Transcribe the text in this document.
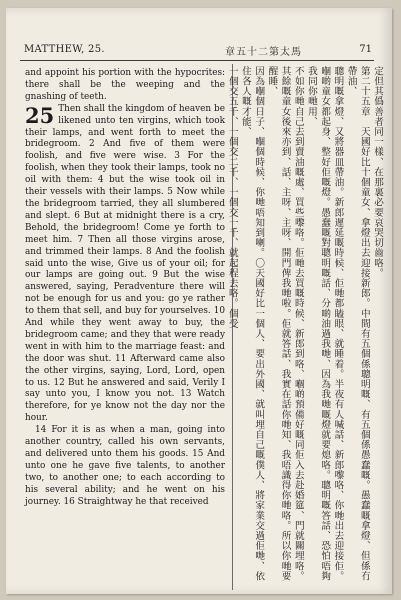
MATTHEW, 25.	章五十二第太馬	71

and appoint his portion with the hypocrites: there shall be the weeping and the gnashing of teeth.

25 Then shall the kingdom of heaven be likened unto ten virgins, which took their lamps, and went forth to meet the bridegroom. 2 And five of them were foolish, and five were wise. 3 For the foolish, when they took their lamps, took no oil with them: 4 but the wise took oil in their vessels with their lamps. 5 Now while the bridegroom tarried, they all slumbered and slept. 6 But at midnight there is a cry, Behold, the bridegroom! Come ye forth to meet him. 7 Then all those virgins arose, and trimmed their lamps. 8 And the foolish said unto the wise, Give us of your oil; for our lamps are going out. 9 But the wise answered, saying, Peradventure there will not be enough for us and you: go ye rather to them that sell, and buy for yourselves. 10 And while they went away to buy, the bridegroom came; and they that were ready went in with him to the marriage feast: and the door was shut. 11 Afterward came also the other virgins, saying, Lord, Lord, open to us. 12 But he answered and said, Verily I say unto you, I know you not. 13 Watch therefore, for ye know not the day nor the hour.

14 For it is as when a man, going into another country, called his own servants, and delivered unto them his goods. 15 And unto one he gave five talents, to another two, to another one; to each according to his several ability; and he went on his journey. 16 Straightway he that received

定但其僞善者同一樣、在那裏必要哀哭切齒咯。

第二十五章　天國好比十個童女、拿燈出去迎接新郎。中間有五個係聰明嘅、有五個係愚蠢嘅。愚蠢嘅拿燈、但係冇帶油、

聰明嘅拿燈、又將器皿帶油。新郎遲延嘅時候、佢哋都瞌眼、就睡着。半夜有人喊話、新郎嚟咯、你哋出去迎接佢。

嗰啲童女都起身、整好佢嘅燈。愚蠢嘅對聰明嘅話、分啲油過我哋、因為我哋嘅燈就要熄咯。聰明嘅答話、恐怕唔夠我同你哋用、

不如你哋自己去到賣油嘅處、買些嚟咯。佢哋去買嘅時候、新郎到咯、嗰啲預備好嘅同佢入去赴婚筵、門就關埋咯。

其餘嘅童女後來亦到、話、主呀、主呀、開門俾我哋啦。佢就答話、我實在話你哋知、我唔識得你哋咯。所以你哋要醒睡、

因為嗰個日子、嗰個時候、你哋唔知到喇。〇天國好比一個人、要出外國、就叫埋自己嘅僕人、將家業交過佢哋、依住各人嘅才能、

一個交五千、一個交二千、一個交一千、就起程去咯。個受
